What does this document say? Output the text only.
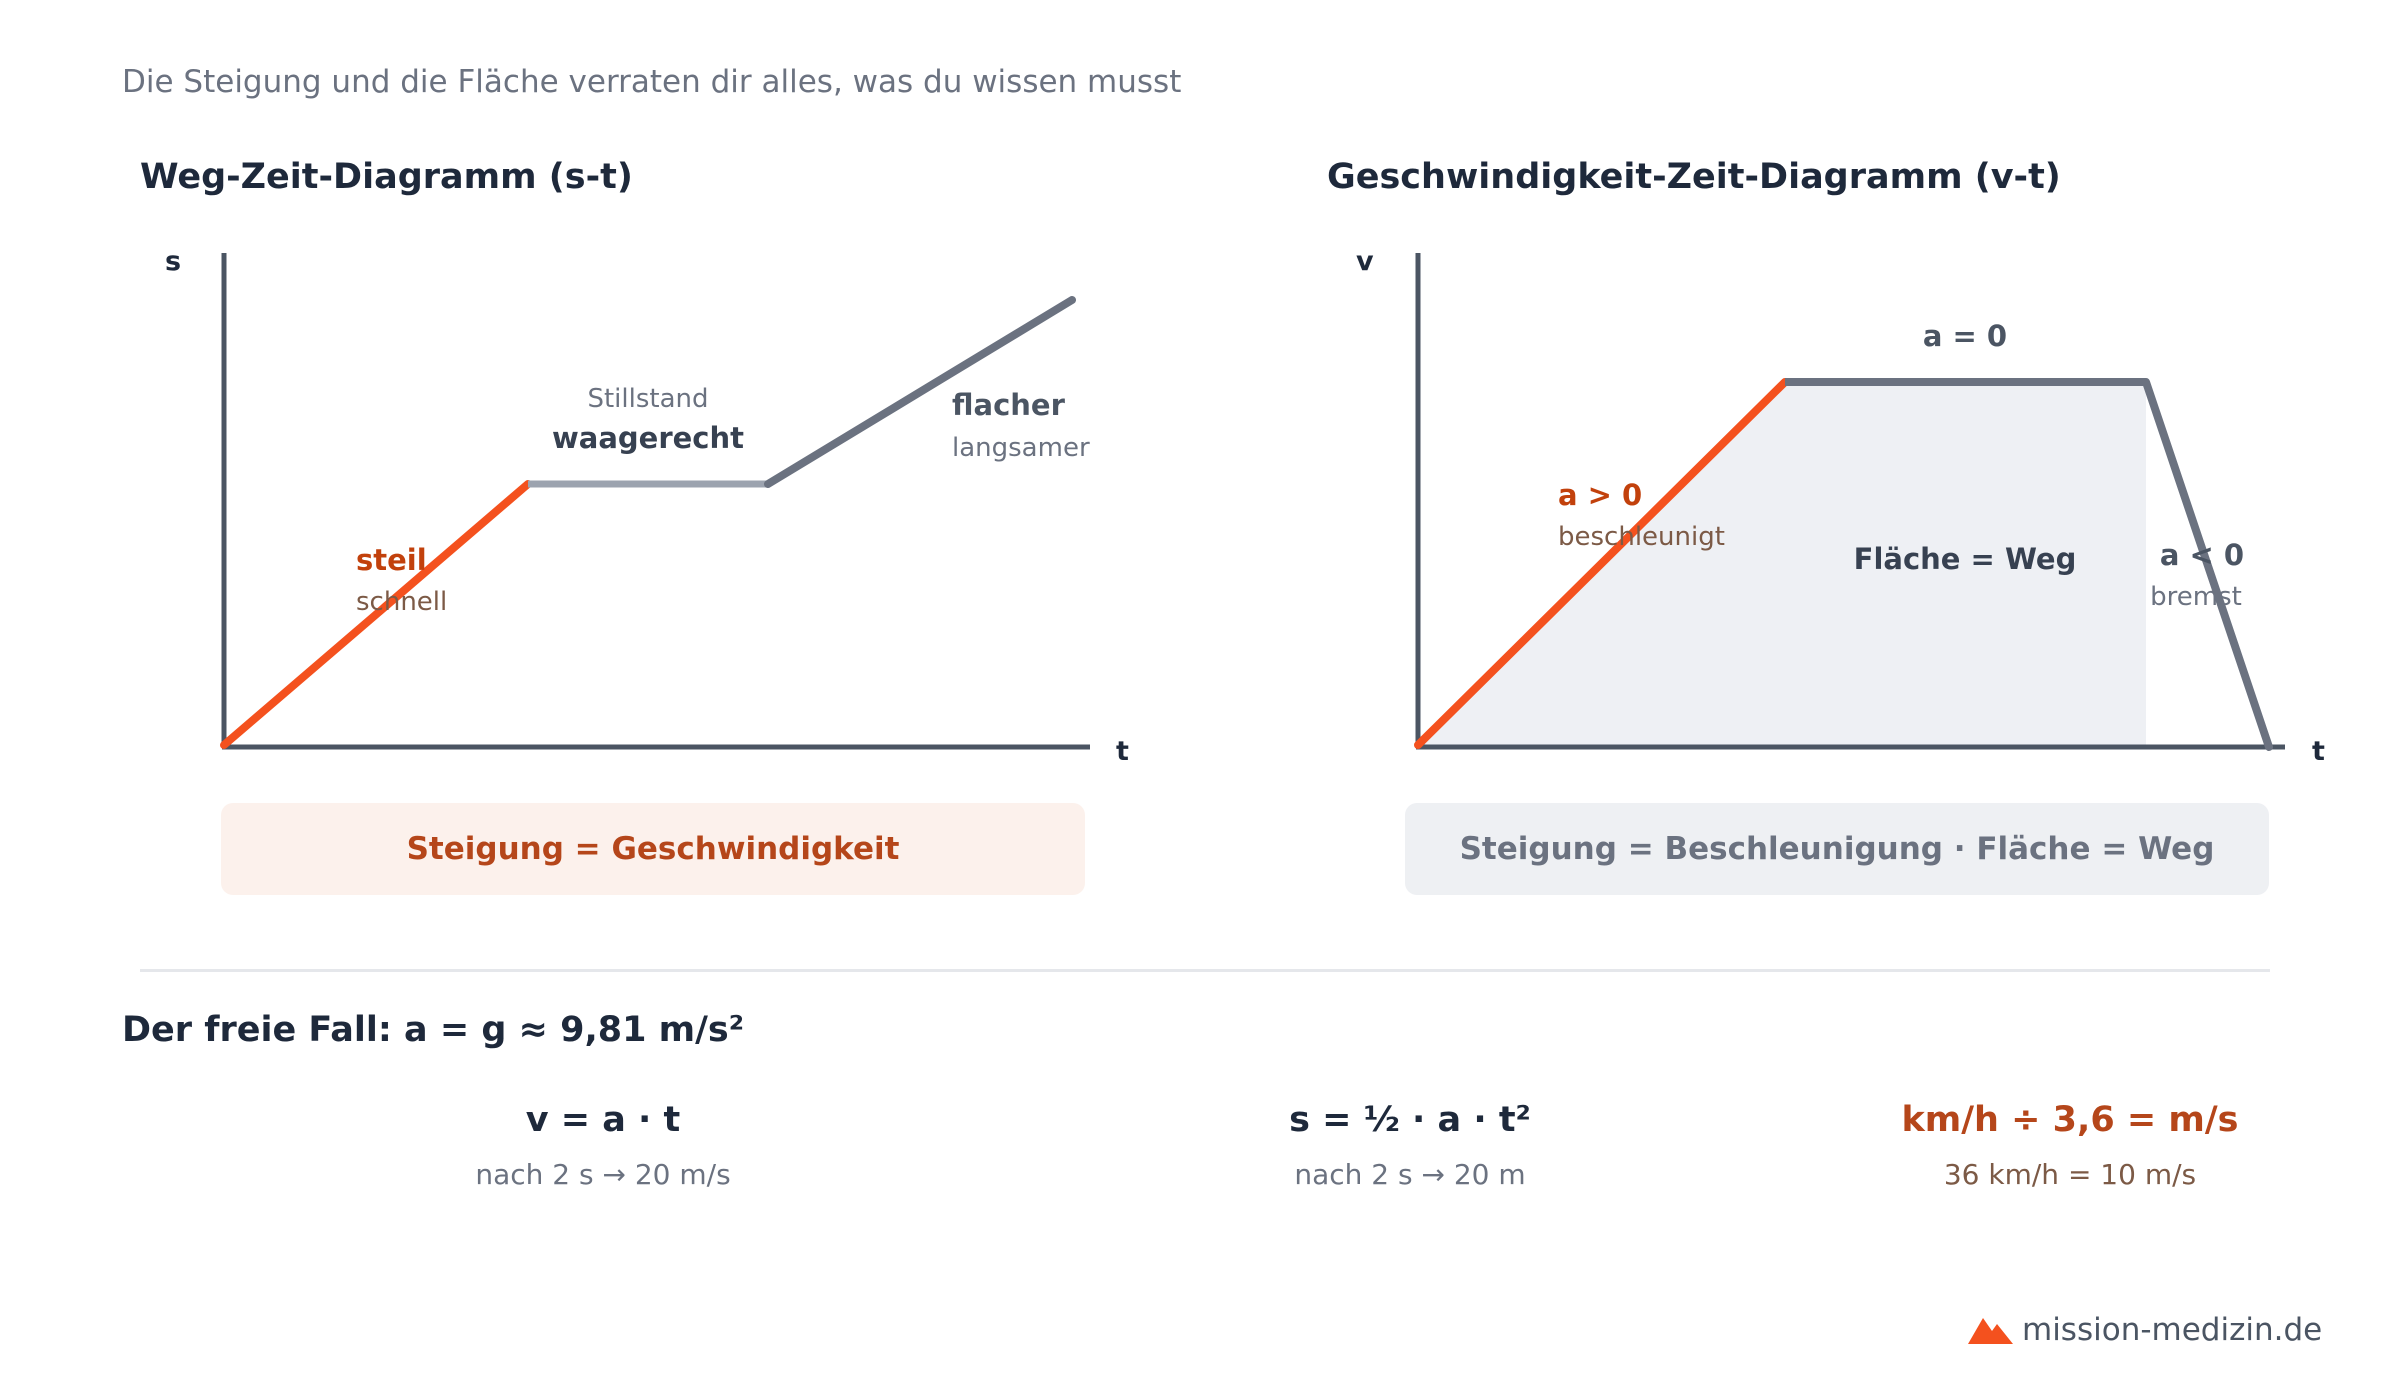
Die Steigung und die Fläche verraten dir alles, was du wissen musst
Weg-Zeit-Diagramm (s-t)	Geschwindigkeit-Zeit-Diagramm (v-t)
s
t
steil
schnell
Stillstand
waagerecht
flacher
langsamer
v
t
a = 0
a > 0
beschleunigt
Fläche = Weg	a < 0
bremst
Steigung = Geschwindigkeit	Steigung = Beschleunigung · Fläche = Weg
Der freie Fall: a = g ≈ 9,81 m/s²
v = a · t
nach 2 s → 20 m/s
s = ½ · a · t²
nach 2 s → 20 m
km/h ÷ 3,6 = m/s
36 km/h = 10 m/s
mission-medizin.de
